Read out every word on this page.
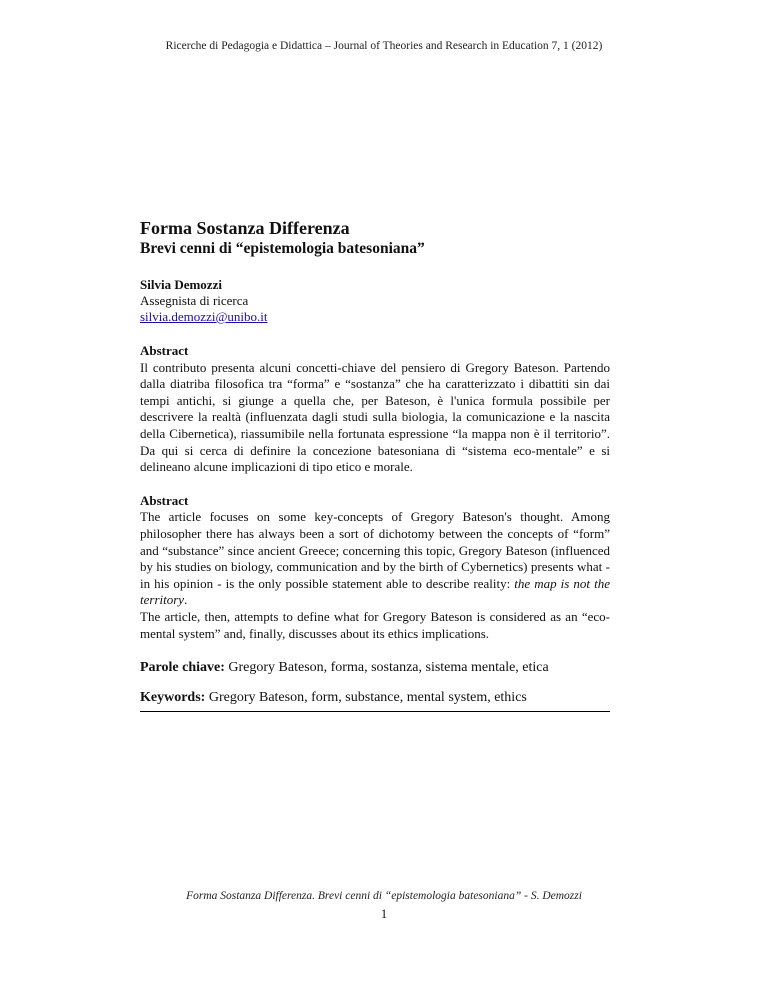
Ricerche di Pedagogia e Didattica – Journal of Theories and Research in Education 7, 1 (2012)
Forma Sostanza Differenza
Brevi cenni di “epistemologia batesoniana”
Silvia Demozzi
Assegnista di ricerca
silvia.demozzi@unibo.it
Abstract

Il contributo presenta alcuni concetti-chiave del pensiero di Gregory Bateson. Partendo dalla diatriba filosofica tra “forma” e “sostanza” che ha caratterizzato i dibattiti sin dai tempi antichi, si giunge a quella che, per Bateson, è l'unica formula possibile per descrivere la realtà (influenzata dagli studi sulla biologia, la comunicazione e la nascita della Cibernetica), riassumibile nella fortunata espressione “la mappa non è il territorio”. Da qui si cerca di definire la concezione batesoniana di “sistema eco-mentale” e si delineano alcune implicazioni di tipo etico e morale.

Abstract

The article focuses on some key-concepts of Gregory Bateson's thought. Among philosopher there has always been a sort of dichotomy between the concepts of “form” and “substance” since ancient Greece; concerning this topic, Gregory Bateson (influenced by his studies on biology, communication and by the birth of Cybernetics) presents what - in his opinion - is the only possible statement able to describe reality: the map is not the territory.

The article, then, attempts to define what for Gregory Bateson is considered as an “eco-mental system” and, finally, discusses about its ethics implications.

Parole chiave: Gregory Bateson, forma, sostanza, sistema mentale, etica
Keywords: Gregory Bateson, form, substance, mental system, ethics
Forma Sostanza Differenza. Brevi cenni di “epistemologia batesoniana” - S. Demozzi
1
